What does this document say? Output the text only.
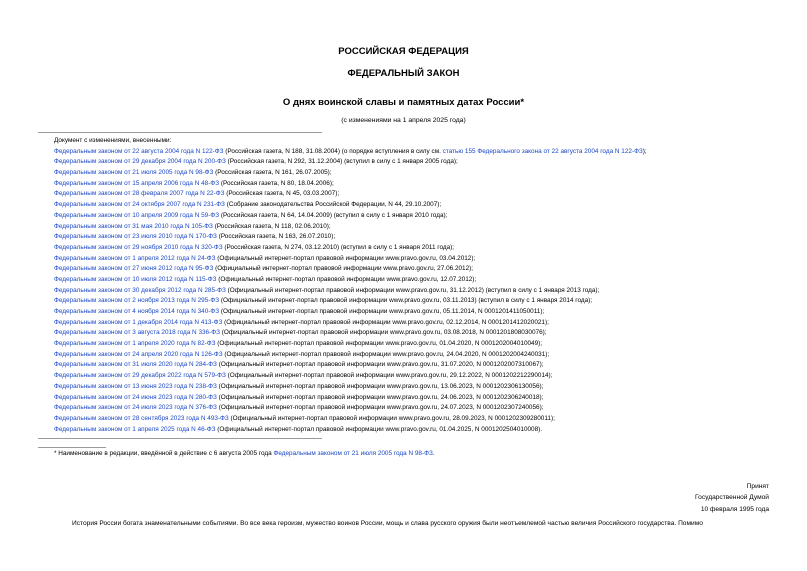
РОССИЙСКАЯ ФЕДЕРАЦИЯ
ФЕДЕРАЛЬНЫЙ ЗАКОН
О днях воинской славы и памятных датах России*
(с изменениями на 1 апреля 2025 года)
Документ с изменениями, внесенными:
Федеральным законом от 22 августа 2004 года N 122-ФЗ (Российская газета, N 188, 31.08.2004) (о порядке вступления в силу см. статью 155 Федерального закона от 22 августа 2004 года N 122-ФЗ);
Федеральным законом от 29 декабря 2004 года N 200-ФЗ (Российская газета, N 292, 31.12.2004) (вступил в силу с 1 января 2005 года);
Федеральным законом от 21 июля 2005 года N 98-ФЗ (Российская газета, N 161, 26.07.2005);
Федеральным законом от 15 апреля 2006 года N 48-ФЗ (Российская газета, N 80, 18.04.2006);
Федеральным законом от 28 февраля 2007 года N 22-ФЗ (Российская газета, N 45, 03.03.2007);
Федеральным законом от 24 октября 2007 года N 231-ФЗ (Собрание законодательства Российской Федерации, N 44, 29.10.2007);
Федеральным законом от 10 апреля 2009 года N 59-ФЗ (Российская газета, N 64, 14.04.2009) (вступил в силу с 1 января 2010 года);
Федеральным законом от 31 мая 2010 года N 105-ФЗ (Российская газета, N 118, 02.06.2010);
Федеральным законом от 23 июля 2010 года N 170-ФЗ (Российская газета, N 163, 26.07.2010);
Федеральным законом от 29 ноября 2010 года N 320-ФЗ (Российская газета, N 274, 03.12.2010) (вступил в силу с 1 января 2011 года);
Федеральным законом от 1 апреля 2012 года N 24-ФЗ (Официальный интернет-портал правовой информации www.pravo.gov.ru, 03.04.2012);
Федеральным законом от 27 июня 2012 года N 95-ФЗ (Официальный интернет-портал правовой информации www.pravo.gov.ru, 27.06.2012);
Федеральным законом от 10 июля 2012 года N 115-ФЗ (Официальный интернет-портал правовой информации www.pravo.gov.ru, 12.07.2012);
Федеральным законом от 30 декабря 2012 года N 285-ФЗ (Официальный интернет-портал правовой информации www.pravo.gov.ru, 31.12.2012) (вступил в силу с 1 января 2013 года);
Федеральным законом от 2 ноября 2013 года N 295-ФЗ (Официальный интернет-портал правовой информации www.pravo.gov.ru, 03.11.2013) (вступил в силу с 1 января 2014 года);
Федеральным законом от 4 ноября 2014 года N 340-ФЗ (Официальный интернет-портал правовой информации www.pravo.gov.ru, 05.11.2014, N 0001201411050011);
Федеральным законом от 1 декабря 2014 года N 413-ФЗ (Официальный интернет-портал правовой информации www.pravo.gov.ru, 02.12.2014, N 0001201412020021);
Федеральным законом от 3 августа 2018 года N 336-ФЗ (Официальный интернет-портал правовой информации www.pravo.gov.ru, 03.08.2018, N 0001201808030076);
Федеральным законом от 1 апреля 2020 года N 82-ФЗ (Официальный интернет-портал правовой информации www.pravo.gov.ru, 01.04.2020, N 0001202004010049);
Федеральным законом от 24 апреля 2020 года N 126-ФЗ (Официальный интернет-портал правовой информации www.pravo.gov.ru, 24.04.2020, N 0001202004240031);
Федеральным законом от 31 июля 2020 года N 284-ФЗ (Официальный интернет-портал правовой информации www.pravo.gov.ru, 31.07.2020, N 0001202007310067);
Федеральным законом от 29 декабря 2022 года N 579-ФЗ (Официальный интернет-портал правовой информации www.pravo.gov.ru, 29.12.2022, N 0001202212290014);
Федеральным законом от 13 июня 2023 года N 238-ФЗ (Официальный интернет-портал правовой информации www.pravo.gov.ru, 13.06.2023, N 0001202306130056);
Федеральным законом от 24 июня 2023 года N 280-ФЗ (Официальный интернет-портал правовой информации www.pravo.gov.ru, 24.06.2023, N 0001202306240018);
Федеральным законом от 24 июля 2023 года N 376-ФЗ (Официальный интернет-портал правовой информации www.pravo.gov.ru, 24.07.2023, N 0001202307240056);
Федеральным законом от 28 сентября 2023 года N 493-ФЗ (Официальный интернет-портал правовой информации www.pravo.gov.ru, 28.09.2023, N 0001202309280011);
Федеральным законом от 1 апреля 2025 года N 46-ФЗ (Официальный интернет-портал правовой информации www.pravo.gov.ru, 01.04.2025, N 0001202504010008).
* Наименование в редакции, введённой в действие с 6 августа 2005 года Федеральным законом от 21 июля 2005 года N 98-ФЗ.
Принят
Государственной Думой
10 февраля 1995 года
История России богата знаменательными событиями. Во все века героизм, мужество воинов России, мощь и слава русского оружия были неотъемлемой частью величия Российского государства. Помимо
